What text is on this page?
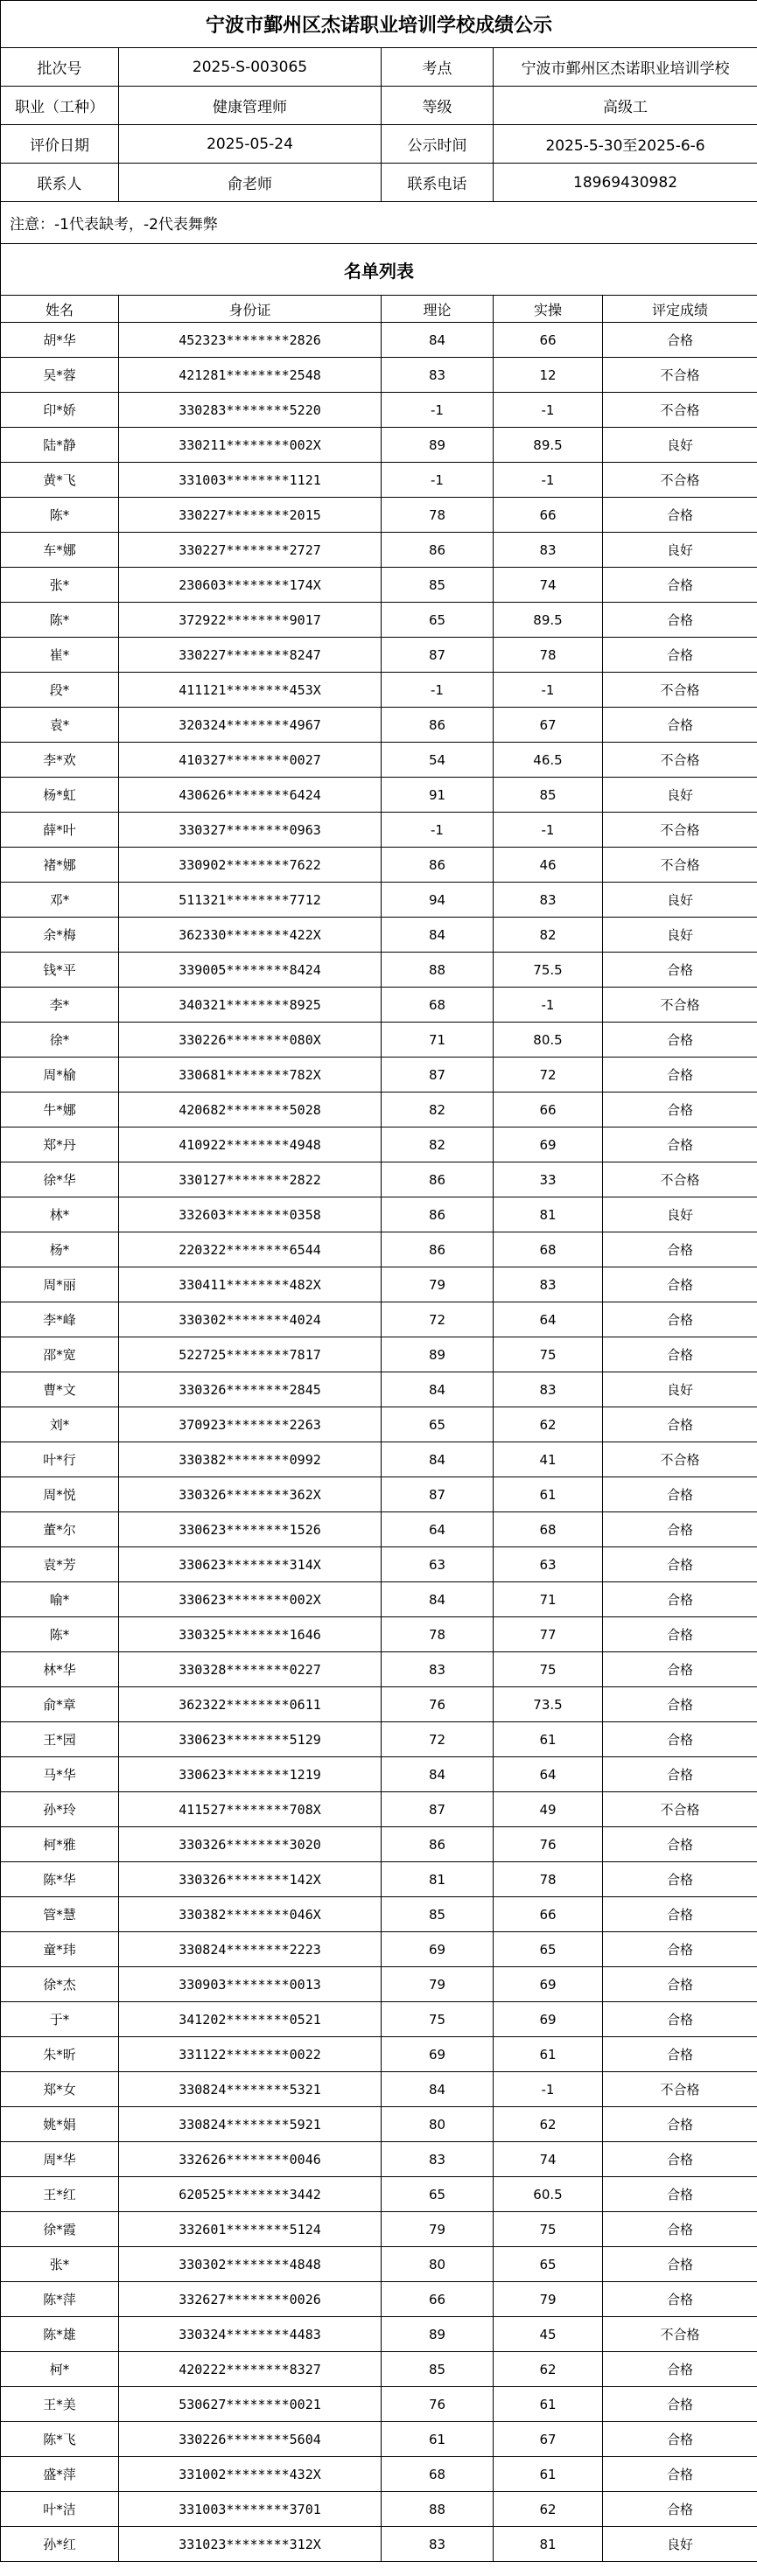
宁波市鄞州区杰诺职业培训学校成绩公示				
批次号	2025-S-003065	考点	宁波市鄞州区杰诺职业培训学校	
职业（工种）	健康管理师	等级	高级工	
评价日期	2025-05-24	公示时间	2025-5-30至2025-6-6	
联系人	俞老师	联系电话	18969430982	
注意：-1代表缺考，-2代表舞弊				
名单列表				
姓名	身份证	理论	实操	评定成绩
胡*华	452323********2826	84	66	合格
吴*蓉	421281********2548	83	12	不合格
印*娇	330283********5220	-1	-1	不合格
陆*静	330211********002X	89	89.5	良好
黄*飞	331003********1121	-1	-1	不合格
陈*	330227********2015	78	66	合格
车*娜	330227********2727	86	83	良好
张*	230603********174X	85	74	合格
陈*	372922********9017	65	89.5	合格
崔*	330227********8247	87	78	合格
段*	411121********453X	-1	-1	不合格
袁*	320324********4967	86	67	合格
李*欢	410327********0027	54	46.5	不合格
杨*虹	430626********6424	91	85	良好
薛*叶	330327********0963	-1	-1	不合格
褚*娜	330902********7622	86	46	不合格
邓*	511321********7712	94	83	良好
余*梅	362330********422X	84	82	良好
钱*平	339005********8424	88	75.5	合格
李*	340321********8925	68	-1	不合格
徐*	330226********080X	71	80.5	合格
周*榆	330681********782X	87	72	合格
牛*娜	420682********5028	82	66	合格
郑*丹	410922********4948	82	69	合格
徐*华	330127********2822	86	33	不合格
林*	332603********0358	86	81	良好
杨*	220322********6544	86	68	合格
周*丽	330411********482X	79	83	合格
李*峰	330302********4024	72	64	合格
邵*宽	522725********7817	89	75	合格
曹*文	330326********2845	84	83	良好
刘*	370923********2263	65	62	合格
叶*行	330382********0992	84	41	不合格
周*悦	330326********362X	87	61	合格
董*尔	330623********1526	64	68	合格
袁*芳	330623********314X	63	63	合格
喻*	330623********002X	84	71	合格
陈*	330325********1646	78	77	合格
林*华	330328********0227	83	75	合格
俞*章	362322********0611	76	73.5	合格
王*园	330623********5129	72	61	合格
马*华	330623********1219	84	64	合格
孙*玲	411527********708X	87	49	不合格
柯*雅	330326********3020	86	76	合格
陈*华	330326********142X	81	78	合格
管*慧	330382********046X	85	66	合格
童*玮	330824********2223	69	65	合格
徐*杰	330903********0013	79	69	合格
于*	341202********0521	75	69	合格
朱*昕	331122********0022	69	61	合格
郑*女	330824********5321	84	-1	不合格
姚*娟	330824********5921	80	62	合格
周*华	332626********0046	83	74	合格
王*红	620525********3442	65	60.5	合格
徐*霞	332601********5124	79	75	合格
张*	330302********4848	80	65	合格
陈*萍	332627********0026	66	79	合格
陈*雄	330324********4483	89	45	不合格
柯*	420222********8327	85	62	合格
王*美	530627********0021	76	61	合格
陈*飞	330226********5604	61	67	合格
盛*萍	331002********432X	68	61	合格
叶*洁	331003********3701	88	62	合格
孙*红	331023********312X	83	81	良好
